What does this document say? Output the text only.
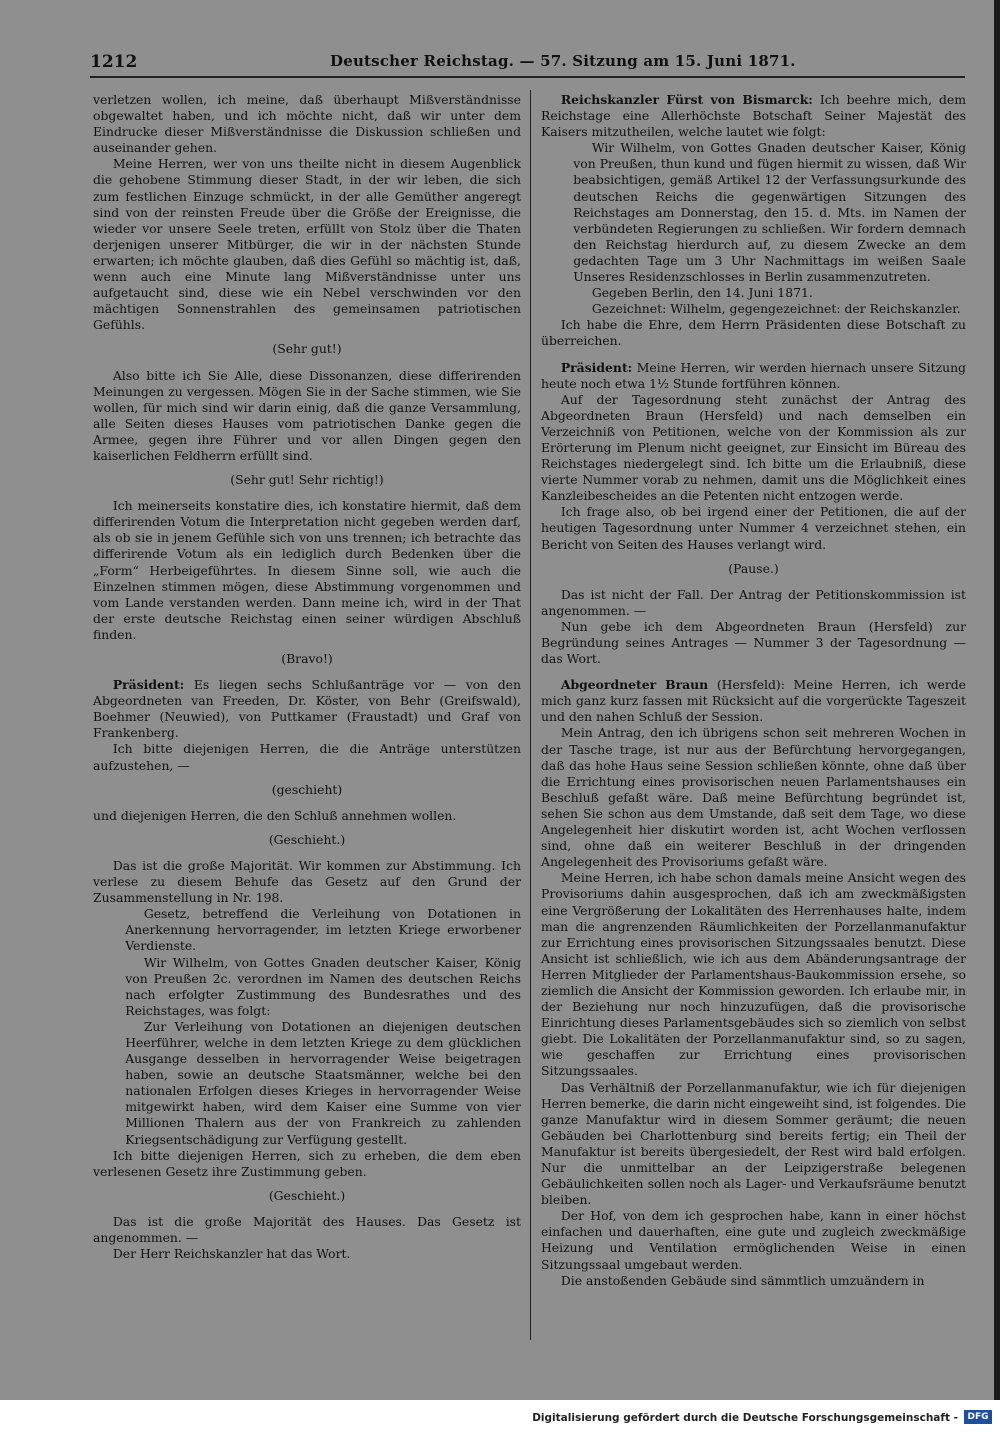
1212	Deutscher Reichstag. — 57. Sitzung am 15. Juni 1871.

verletzen wollen, ich meine, daß überhaupt Mißverständnisse obgewaltet haben, und ich möchte nicht, daß wir unter dem Eindrucke dieser Mißverständnisse die Diskussion schließen und auseinander gehen.

Meine Herren, wer von uns theilte nicht in diesem Augenblick die gehobene Stimmung dieser Stadt, in der wir leben, die sich zum festlichen Einzuge schmückt, in der alle Gemüther angeregt sind von der reinsten Freude über die Größe der Ereignisse, die wieder vor unsere Seele treten, erfüllt von Stolz über die Thaten derjenigen unserer Mitbürger, die wir in der nächsten Stunde erwarten; ich möchte glauben, daß dies Gefühl so mächtig ist, daß, wenn auch eine Minute lang Mißverständnisse unter uns aufgetaucht sind, diese wie ein Nebel verschwinden vor den mächtigen Sonnenstrahlen des gemeinsamen patriotischen Gefühls.

(Sehr gut!)

Also bitte ich Sie Alle, diese Dissonanzen, diese differirenden Meinungen zu vergessen. Mögen Sie in der Sache stimmen, wie Sie wollen, für mich sind wir darin einig, daß die ganze Versammlung, alle Seiten dieses Hauses vom patriotischen Danke gegen die Armee, gegen ihre Führer und vor allen Dingen gegen den kaiserlichen Feldherrn erfüllt sind.

(Sehr gut! Sehr richtig!)

Ich meinerseits konstatire dies, ich konstatire hiermit, daß dem differirenden Votum die Interpretation nicht gegeben werden darf, als ob sie in jenem Gefühle sich von uns trennen; ich betrachte das differirende Votum als ein lediglich durch Bedenken über die „Form“ Herbeigeführtes. In diesem Sinne soll, wie auch die Einzelnen stimmen mögen, diese Abstimmung vorgenommen und vom Lande verstanden werden. Dann meine ich, wird in der That der erste deutsche Reichstag einen seiner würdigen Abschluß finden.

(Bravo!)

Präsident: Es liegen sechs Schlußanträge vor — von den Abgeordneten van Freeden, Dr. Köster, von Behr (Greifswald), Boehmer (Neuwied), von Puttkamer (Fraustadt) und Graf von Frankenberg.

Ich bitte diejenigen Herren, die die Anträge unterstützen aufzustehen, —

(geschieht)

und diejenigen Herren, die den Schluß annehmen wollen.

(Geschieht.)

Das ist die große Majorität. Wir kommen zur Abstimmung. Ich verlese zu diesem Behufe das Gesetz auf den Grund der Zusammenstellung in Nr. 198.

Gesetz, betreffend die Verleihung von Dotationen in Anerkennung hervorragender, im letzten Kriege erworbener Verdienste.

Wir Wilhelm, von Gottes Gnaden deutscher Kaiser, König von Preußen 2c. verordnen im Namen des deutschen Reichs nach erfolgter Zustimmung des Bundesrathes und des Reichstages, was folgt:

Zur Verleihung von Dotationen an diejenigen deutschen Heerführer, welche in dem letzten Kriege zu dem glücklichen Ausgange desselben in hervorragender Weise beigetragen haben, sowie an deutsche Staatsmänner, welche bei den nationalen Erfolgen dieses Krieges in hervorragender Weise mitgewirkt haben, wird dem Kaiser eine Summe von vier Millionen Thalern aus der von Frankreich zu zahlenden Kriegsentschädigung zur Verfügung gestellt.

Ich bitte diejenigen Herren, sich zu erheben, die dem eben verlesenen Gesetz ihre Zustimmung geben.

(Geschieht.)

Das ist die große Majorität des Hauses. Das Gesetz ist angenommen. —

Der Herr Reichskanzler hat das Wort.

Reichskanzler Fürst von Bismarck: Ich beehre mich, dem Reichstage eine Allerhöchste Botschaft Seiner Majestät des Kaisers mitzutheilen, welche lautet wie folgt:

Wir Wilhelm, von Gottes Gnaden deutscher Kaiser, König von Preußen, thun kund und fügen hiermit zu wissen, daß Wir beabsichtigen, gemäß Artikel 12 der Verfassungsurkunde des deutschen Reichs die gegenwärtigen Sitzungen des Reichstages am Donnerstag, den 15. d. Mts. im Namen der verbündeten Regierungen zu schließen. Wir fordern demnach den Reichstag hierdurch auf, zu diesem Zwecke an dem gedachten Tage um 3 Uhr Nachmittags im weißen Saale Unseres Residenzschlosses in Berlin zusammenzutreten.

Gegeben Berlin, den 14. Juni 1871.

Gezeichnet: Wilhelm, gegengezeichnet: der Reichskanzler.

Ich habe die Ehre, dem Herrn Präsidenten diese Botschaft zu überreichen.

Präsident: Meine Herren, wir werden hiernach unsere Sitzung heute noch etwa 1½ Stunde fortführen können.

Auf der Tagesordnung steht zunächst der Antrag des Abgeordneten Braun (Hersfeld) und nach demselben ein Verzeichniß von Petitionen, welche von der Kommission als zur Erörterung im Plenum nicht geeignet, zur Einsicht im Büreau des Reichstages niedergelegt sind. Ich bitte um die Erlaubniß, diese vierte Nummer vorab zu nehmen, damit uns die Möglichkeit eines Kanzleibescheides an die Petenten nicht entzogen werde.

Ich frage also, ob bei irgend einer der Petitionen, die auf der heutigen Tagesordnung unter Nummer 4 verzeichnet stehen, ein Bericht von Seiten des Hauses verlangt wird.

(Pause.)

Das ist nicht der Fall. Der Antrag der Petitionskommission ist angenommen. —

Nun gebe ich dem Abgeordneten Braun (Hersfeld) zur Begründung seines Antrages — Nummer 3 der Tagesordnung — das Wort.

Abgeordneter Braun (Hersfeld): Meine Herren, ich werde mich ganz kurz fassen mit Rücksicht auf die vorgerückte Tageszeit und den nahen Schluß der Session.

Mein Antrag, den ich übrigens schon seit mehreren Wochen in der Tasche trage, ist nur aus der Befürchtung hervorgegangen, daß das hohe Haus seine Session schließen könnte, ohne daß über die Errichtung eines provisorischen neuen Parlamentshauses ein Beschluß gefaßt wäre. Daß meine Befürchtung begründet ist, sehen Sie schon aus dem Umstande, daß seit dem Tage, wo diese Angelegenheit hier diskutirt worden ist, acht Wochen verflossen sind, ohne daß ein weiterer Beschluß in der dringenden Angelegenheit des Provisoriums gefaßt wäre.

Meine Herren, ich habe schon damals meine Ansicht wegen des Provisoriums dahin ausgesprochen, daß ich am zweckmäßigsten eine Vergrößerung der Lokalitäten des Herrenhauses halte, indem man die angrenzenden Räumlichkeiten der Porzellanmanufaktur zur Errichtung eines provisorischen Sitzungssaales benutzt. Diese Ansicht ist schließlich, wie ich aus dem Abänderungsantrage der Herren Mitglieder der Parlamentshaus-Baukommission ersehe, so ziemlich die Ansicht der Kommission geworden. Ich erlaube mir, in der Beziehung nur noch hinzuzufügen, daß die provisorische Einrichtung dieses Parlamentsgebäudes sich so ziemlich von selbst giebt. Die Lokalitäten der Porzellanmanufaktur sind, so zu sagen, wie geschaffen zur Errichtung eines provisorischen Sitzungssaales.

Das Verhältniß der Porzellanmanufaktur, wie ich für diejenigen Herren bemerke, die darin nicht eingeweiht sind, ist folgendes. Die ganze Manufaktur wird in diesem Sommer geräumt; die neuen Gebäuden bei Charlottenburg sind bereits fertig; ein Theil der Manufaktur ist bereits übergesiedelt, der Rest wird bald erfolgen. Nur die unmittelbar an der Leipzigerstraße belegenen Gebäulichkeiten sollen noch als Lager- und Verkaufsräume benutzt bleiben.

Der Hof, von dem ich gesprochen habe, kann in einer höchst einfachen und dauerhaften, eine gute und zugleich zweckmäßige Heizung und Ventilation ermöglichenden Weise in einen Sitzungssaal umgebaut werden.

Die anstoßenden Gebäude sind sämmtlich umzuändern in

Digitalisierung gefördert durch die Deutsche Forschungsgemeinschaft -	DFG
